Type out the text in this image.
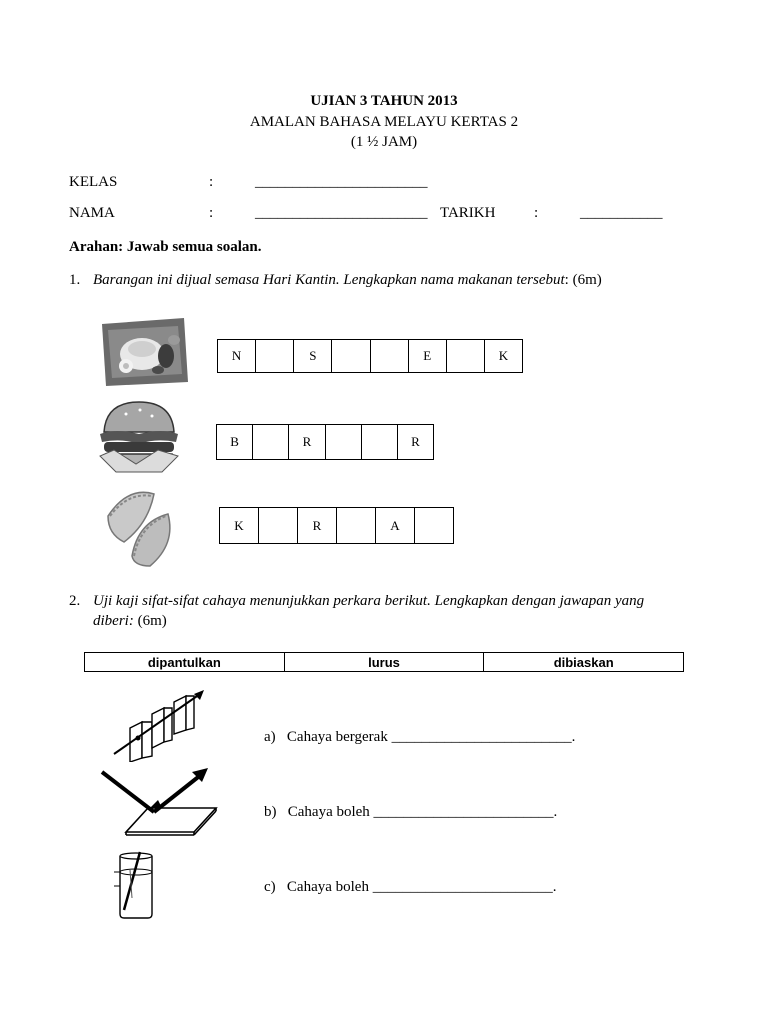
UJIAN 3 TAHUN 2013
AMALAN BAHASA MELAYU KERTAS 2
(1 ½ JAM)
KELAS	:	_______________________
NAMA	:	_______________________ TARIKH	:	___________
Arahan: Jawab semua soalan.
1. Barangan ini dijual semasa Hari Kantin. Lengkapkan nama makanan tersebut: (6m)
N	S	E	K
B	R	R
K	R	A
2. Uji kaji sifat-sifat cahaya menunjukkan perkara berikut. Lengkapkan dengan jawapan yang
diberi: (6m)
dipantulkan	lurus	dibiaskan
a) Cahaya bergerak ________________________.
b) Cahaya boleh ________________________.
c) Cahaya boleh ________________________.
